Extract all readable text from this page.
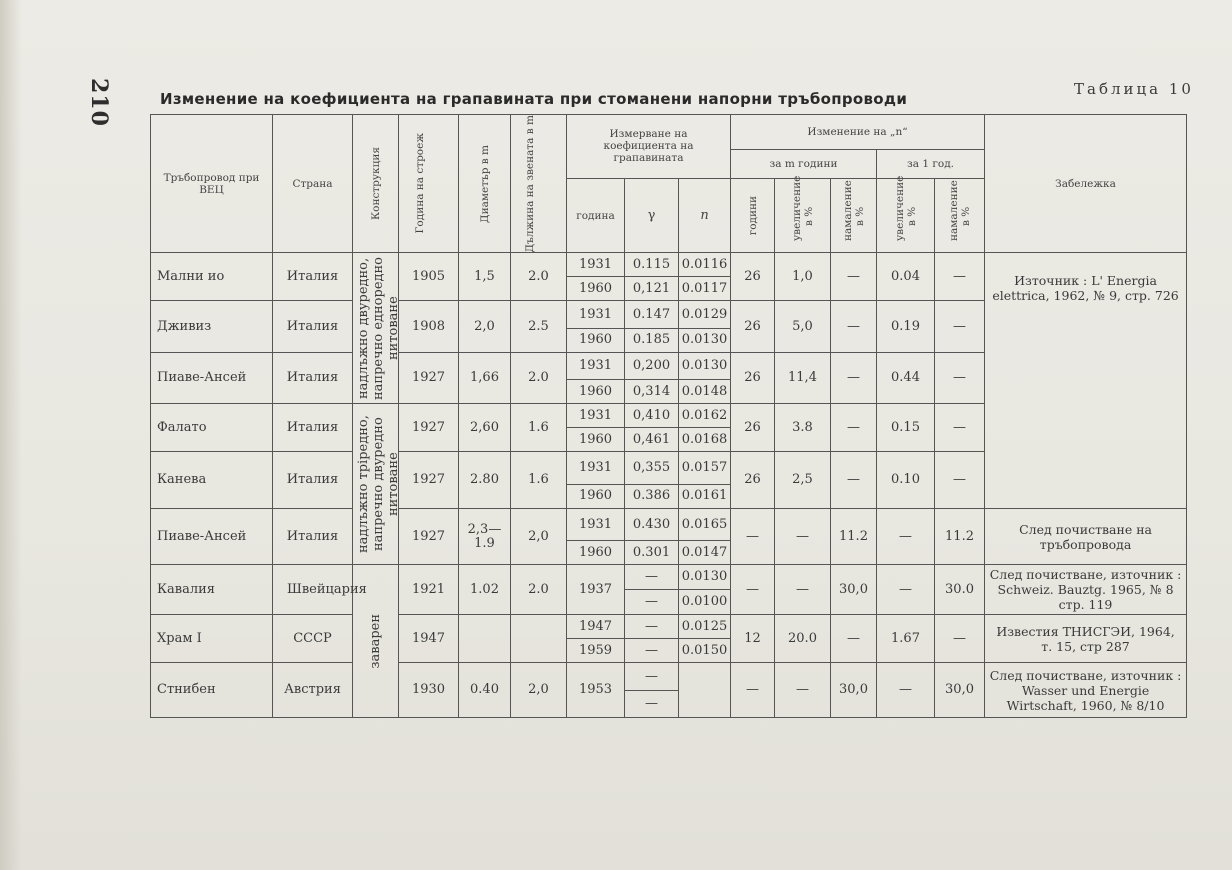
210	Изменение на коефициента на грапавината при стоманени напорни тръбопроводи
Таблица 10
Тръбопровод при ВЕЦ	Страна	Конструкция	Година на строеж	Диаметър в m	Дължина на звената в m	Измерване на коефициента на грапавината			Изменение на „n“					Забележка
									за m години			за 1 год.		
						година	γ	n	години	увеличение в %	намаление в %	увеличение в %	намаление в %	

Мални ио	Италия	надлъжно двуредно, напречно едноредно нитоване	1905	1,5	2.0	1931	0.115	0.0116	26	1,0	—	0.04	—	Източник : L' Energia elettrica, 1962, № 9, стр. 726
						1960	0,121	0.0117						
Дживиз	Италия		1908	2,0	2.5	1931	0.147	0.0129	26	5,0	—	0.19	—	
						1960	0.185	0.0130						
Пиаве-Ансей	Италия		1927	1,66	2.0	1931	0,200	0.0130	26	11,4	—	0.44	—	
						1960	0,314	0.0148						
Фалато	Италия	надлъжно трiредно, напречно двуредно нитоване	1927	2,60	1.6	1931	0,410	0.0162	26	3.8	—	0.15	—	
						1960	0,461	0.0168						
Канева	Италия		1927	2.80	1.6	1931	0,355	0.0157	26	2,5	—	0.10	—	
						1960	0.386	0.0161						
Пиаве-Ансей	Италия		1927	2,3—1.9	2,0	1931	0.430	0.0165	—	—	11.2	—	11.2	След почистване на тръбопровода
						1960	0.301	0.0147						
Кавалия	Швейцария	заварен	1921	1.02	2.0	1937	—	0.0130	—	—	30,0	—	30.0	След почистване, източник : Schweiz. Bauztg. 1965, № 8 стр. 119
							—	0.0100						
Храм I	СССР		1947			1947	—	0.0125	12	20.0	—	1.67	—	Известия ТНИСГЭИ, 1964, т. 15, стр 287
						1959	—	0.0150						
Стнибен	Австрия		1930	0.40	2,0	1953	—		—	—	30,0	—	30,0	След почистване, източник : Wasser und Energie Wirtschaft, 1960, № 8/10
							—							
